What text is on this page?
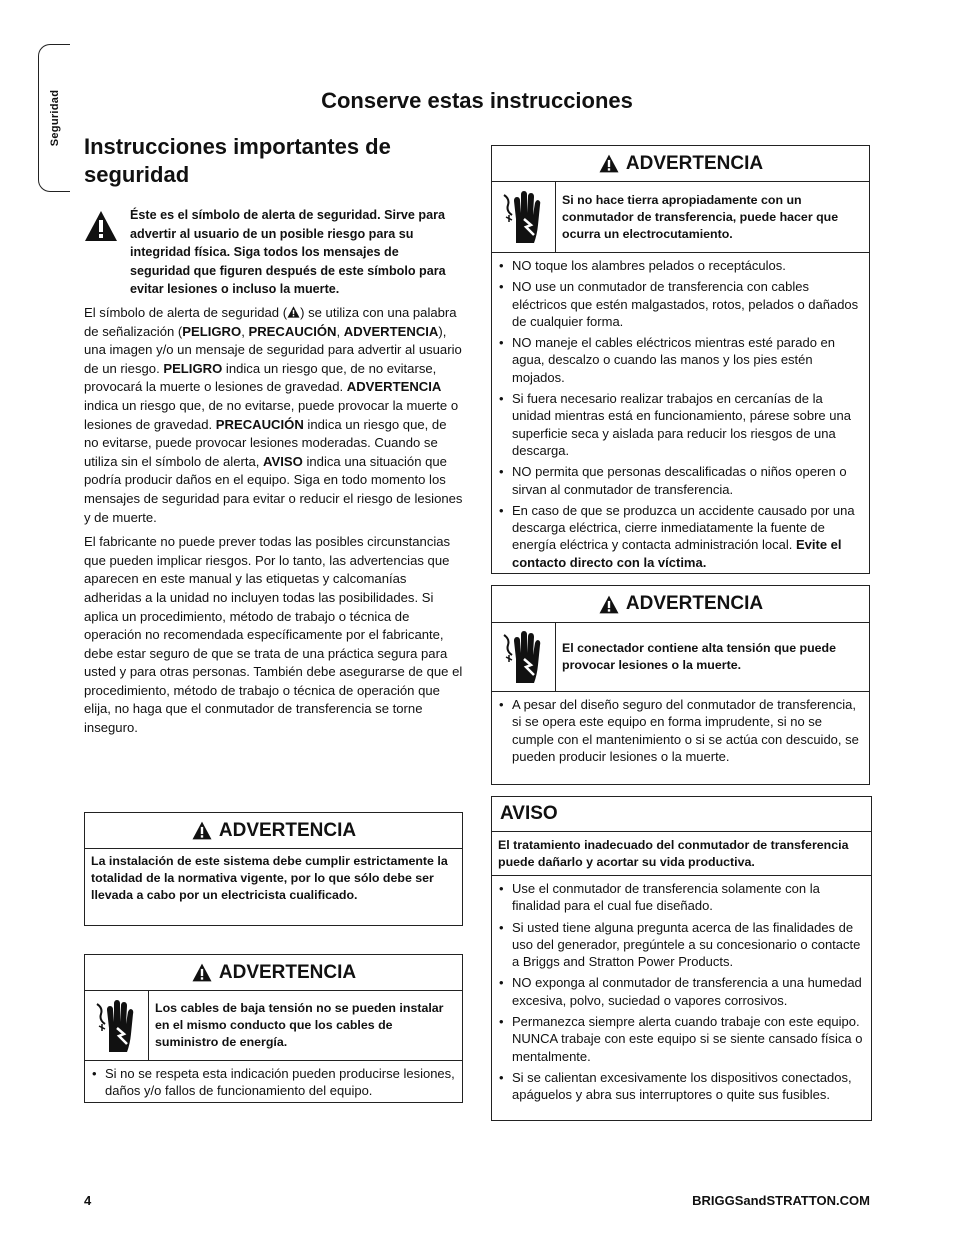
Seguridad	Conserve estas instrucciones
Instrucciones importantes de seguridad

Éste es el símbolo de alerta de seguridad. Sirve para advertir al usuario de un posible riesgo para su integridad física. Siga todos los mensajes de seguridad que figuren después de este símbolo para evitar lesiones o incluso la muerte.

El símbolo de alerta de seguridad ( ) se utiliza con una palabra de señalización (PELIGRO, PRECAUCIÓN, ADVERTENCIA), una imagen y/o un mensaje de seguridad para advertir al usuario de un riesgo. PELIGRO indica un riesgo que, de no evitarse, provocará la muerte o lesiones de gravedad. ADVERTENCIA indica un riesgo que, de no evitarse, puede provocar la muerte o lesiones de gravedad. PRECAUCIÓN indica un riesgo que, de no evitarse, puede provocar lesiones moderadas. Cuando se utiliza sin el símbolo de alerta, AVISO indica una situación que podría producir daños en el equipo. Siga en todo momento los mensajes de seguridad para evitar o reducir el riesgo de lesiones y de muerte.

El fabricante no puede prever todas las posibles circunstancias que pueden implicar riesgos. Por lo tanto, las advertencias que aparecen en este manual y las etiquetas y calcomanías adheridas a la unidad no incluyen todas las posibilidades. Si aplica un procedimiento, método de trabajo o técnica de operación no recomendada específicamente por el fabricante, debe estar seguro de que se trata de una práctica segura para usted y para otras personas. También debe asegurarse de que el procedimiento, método de trabajo o técnica de operación que elija, no haga que el conmutador de transferencia se torne inseguro.

ADVERTENCIA
La instalación de este sistema debe cumplir estrictamente la totalidad de la normativa vigente, por lo que sólo debe ser llevada a cabo por un electricista cualificado.
ADVERTENCIA
Los cables de baja tensión no se pueden instalar en el mismo conducto que los cables de suministro de energía.
• Si no se respeta esta indicación pueden producirse lesiones, daños y/o fallos de funcionamiento del equipo.
ADVERTENCIA
Si no hace tierra apropiadamente con un conmutador de transferencia, puede hacer que ocurra un electrocutamiento.
• NO toque los alambres pelados o receptáculos.
• NO use un conmutador de transferencia con cables eléctricos que estén malgastados, rotos, pelados o dañados de cualquier forma.
• NO maneje el cables eléctricos mientras esté parado en agua, descalzo o cuando las manos y los pies estén mojados.
• Si fuera necesario realizar trabajos en cercanías de la unidad mientras está en funcionamiento, párese sobre una superficie seca y aislada para reducir los riesgos de una descarga.
• NO permita que personas descalificadas o niños operen o sirvan al conmutador de transferencia.
• En caso de que se produzca un accidente causado por una descarga eléctrica, cierre inmediatamente la fuente de energía eléctrica y contacta administración local. Evite el contacto directo con la víctima.
ADVERTENCIA
El conectador contiene alta tensión que puede provocar lesiones o la muerte.
• A pesar del diseño seguro del conmutador de transferencia, si se opera este equipo en forma imprudente, si no se cumple con el mantenimiento o si se actúa con descuido, se pueden producir lesiones o la muerte.
AVISO
El tratamiento inadecuado del conmutador de transferencia puede dañarlo y acortar su vida productiva.
• Use el conmutador de transferencia solamente con la finalidad para el cual fue diseñado.
• Si usted tiene alguna pregunta acerca de las finalidades de uso del generador, pregúntele a su concesionario o contacte a Briggs and Stratton Power Products.
• NO exponga al conmutador de transferencia a una humedad excesiva, polvo, suciedad o vapores corrosivos.
• Permanezca siempre alerta cuando trabaje con este equipo. NUNCA trabaje con este equipo si se siente cansado física o mentalmente.
• Si se calientan excesivamente los dispositivos conectados, apáguelos y abra sus interruptores o quite sus fusibles.
4	BRIGGSandSTRATTON.COM
